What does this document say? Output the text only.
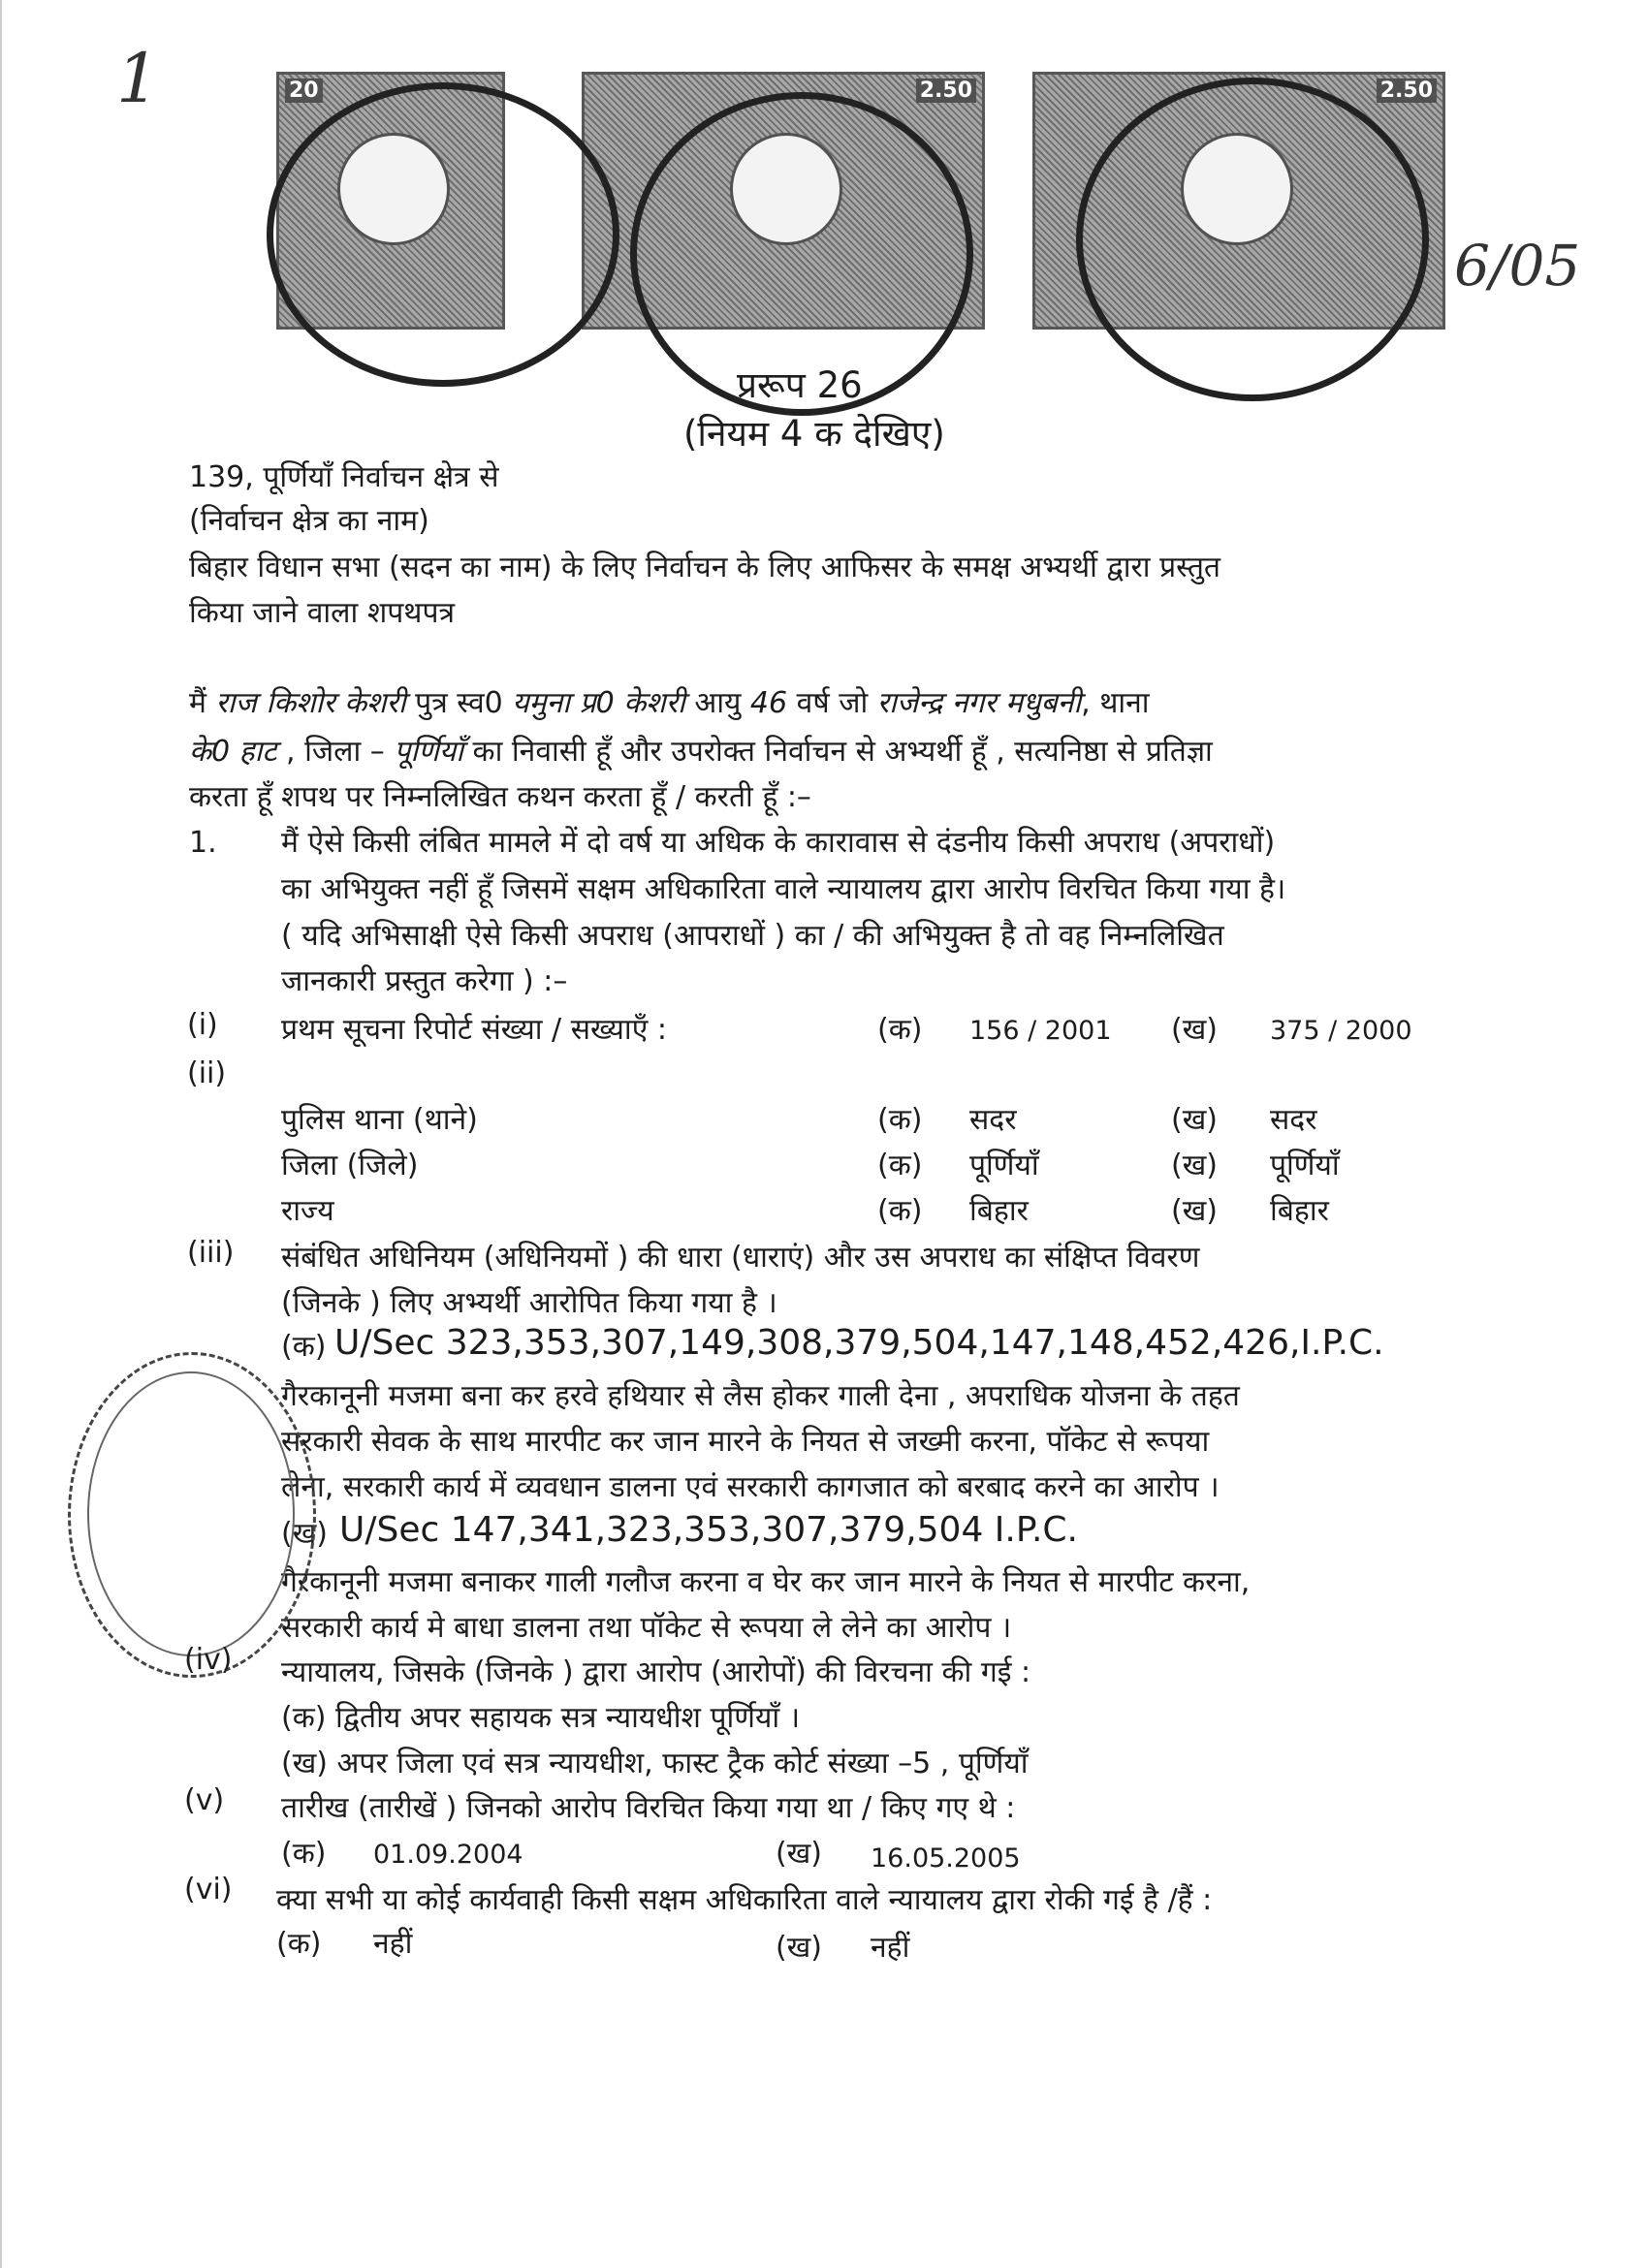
20	2.50	2.50
1
6/05
प्ररूप 26
(नियम 4 क देखिए)
139, पूर्णियाँ निर्वाचन क्षेत्र से
(निर्वाचन क्षेत्र का नाम)
बिहार विधान सभा (सदन का नाम) के लिए निर्वाचन के लिए आफिसर के समक्ष अभ्यर्थी द्वारा प्रस्तुत
किया जाने वाला शपथपत्र
मैं राज किशोर केशरी पुत्र स्व0 यमुना प्र0 केशरी आयु 46 वर्ष जो राजेन्द्र नगर मधुबनी, थाना
के0 हाट , जिला – पूर्णियाँ का निवासी हूँ और उपरोक्त निर्वाचन से अभ्यर्थी हूँ , सत्यनिष्ठा से प्रतिज्ञा
करता हूँ शपथ पर निम्नलिखित कथन करता हूँ / करती हूँ :–
1. मैं ऐसे किसी लंबित मामले में दो वर्ष या अधिक के कारावास से दंडनीय किसी अपराध (अपराधों)
का अभियुक्त नहीं हूँ जिसमें सक्षम अधिकारिता वाले न्यायालय द्वारा आरोप विरचित किया गया है।
( यदि अभिसाक्षी ऐसे किसी अपराध (आपराधों ) का / की अभियुक्त है तो वह निम्नलिखित
जानकारी प्रस्तुत करेगा ) :–
(i) प्रथम सूचना रिपोर्ट संख्या / सख्याएँ :	(क) 156 / 2001 (ख) 375 / 2000
(ii)
पुलिस थाना (थाने)	(क) सदर	(ख) सदर
जिला (जिले)	(क) पूर्णियाँ	(ख) पूर्णियाँ
राज्य	(क) बिहार	(ख) बिहार
(iii) संबंधित अधिनियम (अधिनियमों ) की धारा (धाराएं) और उस अपराध का संक्षिप्त विवरण
(जिनके ) लिए अभ्यर्थी आरोपित किया गया है ।
(क) U/Sec 323,353,307,149,308,379,504,147,148,452,426,I.P.C.
गैरकानूनी मजमा बना कर हरवे हथियार से लैस होकर गाली देना , अपराधिक योजना के तहत
सरकारी सेवक के साथ मारपीट कर जान मारने के नियत से जख्मी करना, पॉकेट से रूपया
लेना, सरकारी कार्य में व्यवधान डालना एवं सरकारी कागजात को बरबाद करने का आरोप ।
(ख) U/Sec 147,341,323,353,307,379,504 I.P.C.
गैरकानूनी मजमा बनाकर गाली गलौज करना व घेर कर जान मारने के नियत से मारपीट करना,
सरकारी कार्य मे बाधा डालना तथा पॉकेट से रूपया ले लेने का आरोप ।
(iv) न्यायालय, जिसके (जिनके ) द्वारा आरोप (आरोपों) की विरचना की गई :
(क) द्वितीय अपर सहायक सत्र न्यायधीश पूर्णियाँ ।
(ख) अपर जिला एवं सत्र न्यायधीश, फास्ट ट्रैक कोर्ट संख्या –5 , पूर्णियाँ
(v) तारीख (तारीखें ) जिनको आरोप विरचित किया गया था / किए गए थे :
(क) 01.09.2004	(ख) 16.05.2005
(vi) क्या सभी या कोई कार्यवाही किसी सक्षम अधिकारिता वाले न्यायालय द्वारा रोकी गई है /हैं :
(क) नहीं	(ख) नहीं
